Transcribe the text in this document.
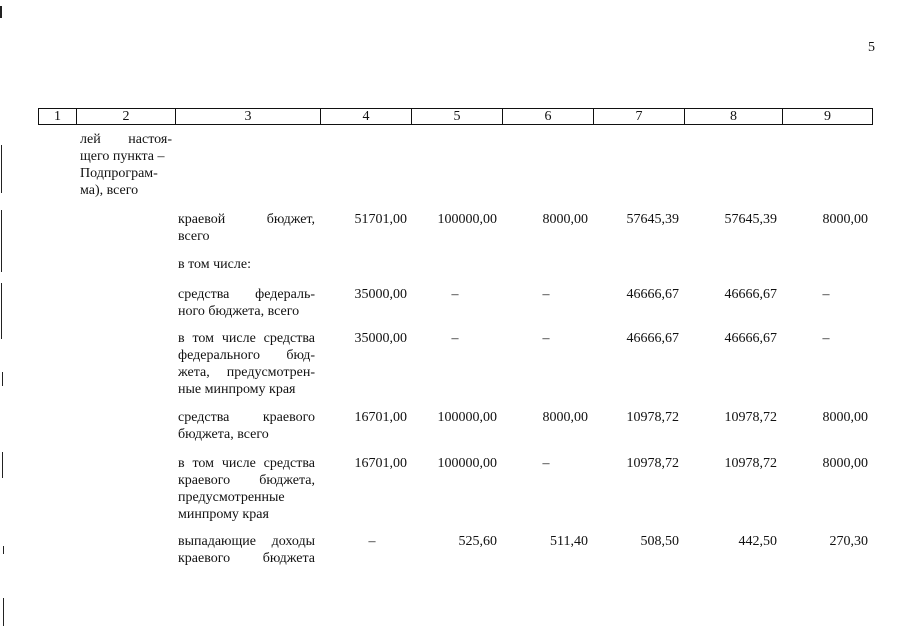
5
1	2	3	4	5	6	7	8	9
лей настоя-
щего пункта –
Подпрограм-
ма), всего
краевой бюджет,
всего
51701,00	100000,00	8000,00	57645,39	57645,39	8000,00
в том числе:
средства федераль-
ного бюджета, всего
35000,00	–	–	46666,67	46666,67	–
в том числе средства
федерального бюд-
жета, предусмотрен-
ные минпрому края
35000,00	–	–	46666,67	46666,67	–
средства краевого
бюджета, всего
16701,00	100000,00	8000,00	10978,72	10978,72	8000,00
в том числе средства
краевого бюджета,
предусмотренные
минпрому края
16701,00	100000,00	–	10978,72	10978,72	8000,00
выпадающие доходы
краевого бюджета
–	525,60	511,40	508,50	442,50	270,30
